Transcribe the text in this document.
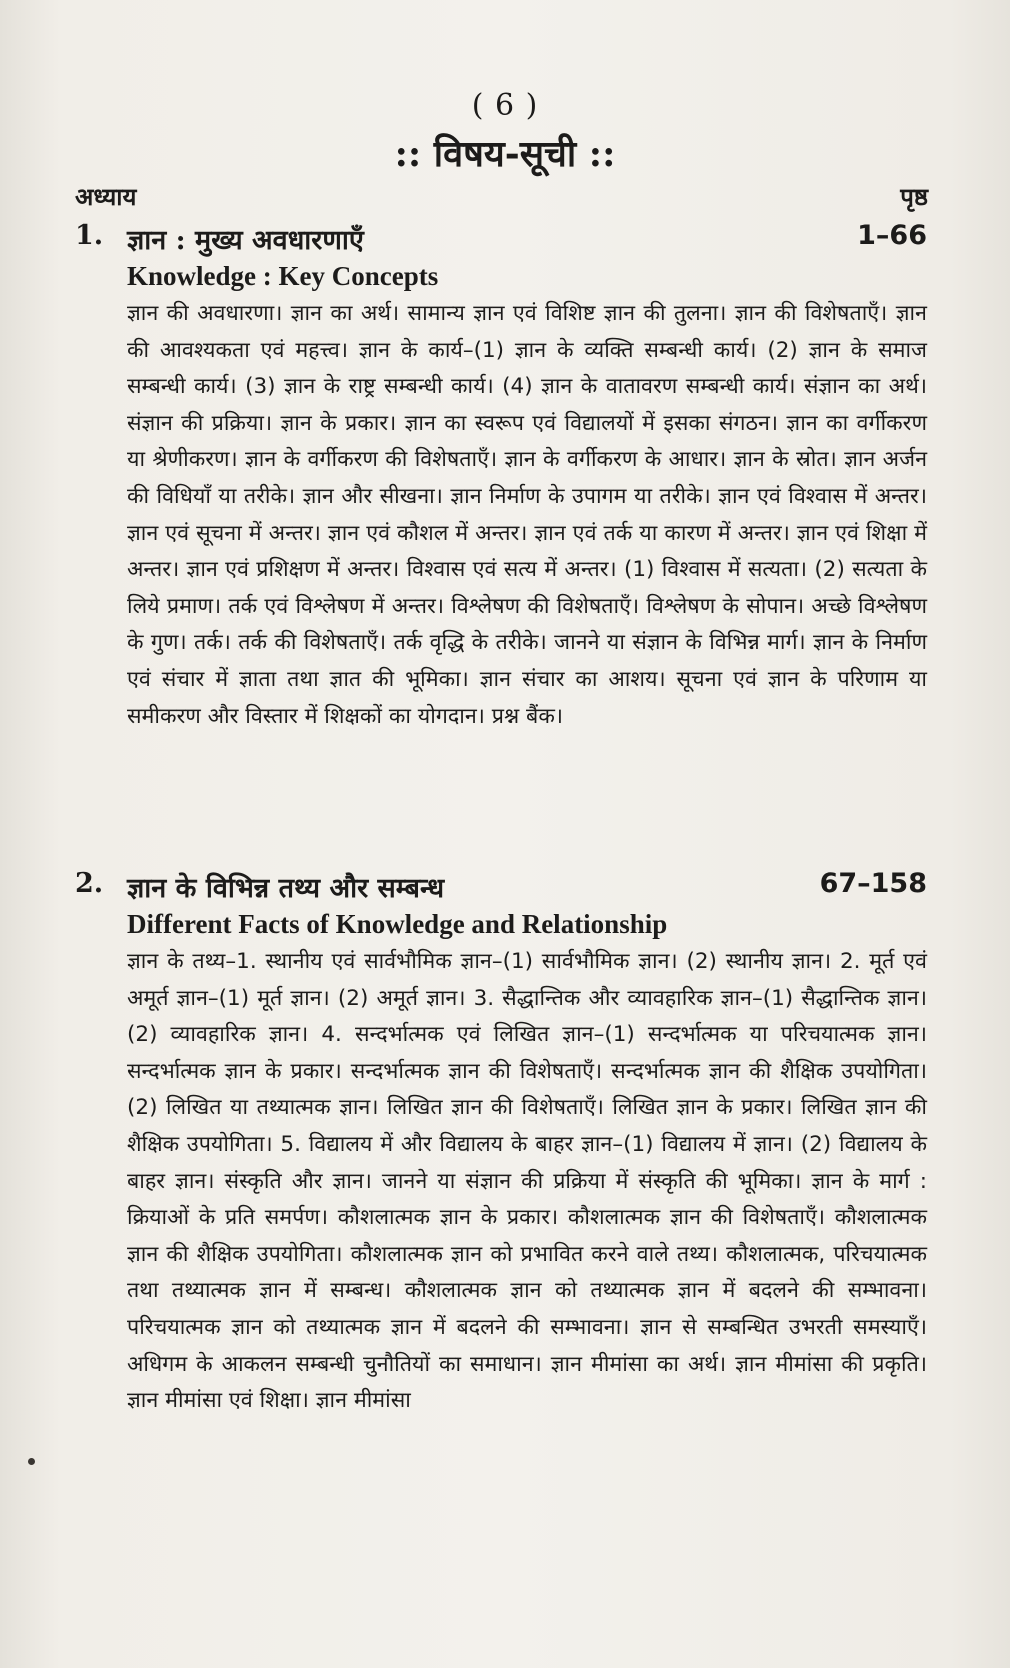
( 6 )
:: विषय-सूची ::
अध्याय	पृष्ठ
1. ज्ञान : मुख्य अवधारणाएँ	1–66
Knowledge : Key Concepts
ज्ञान की अवधारणा। ज्ञान का अर्थ। सामान्य ज्ञान एवं विशिष्ट ज्ञान की तुलना। ज्ञान की विशेषताएँ। ज्ञान की आवश्यकता एवं महत्त्व। ज्ञान के कार्य–(1) ज्ञान के व्यक्ति सम्बन्धी कार्य। (2) ज्ञान के समाज सम्बन्धी कार्य। (3) ज्ञान के राष्ट्र सम्बन्धी कार्य। (4) ज्ञान के वातावरण सम्बन्धी कार्य। संज्ञान का अर्थ। संज्ञान की प्रक्रिया। ज्ञान के प्रकार। ज्ञान का स्वरूप एवं विद्यालयों में इसका संगठन। ज्ञान का वर्गीकरण या श्रेणीकरण। ज्ञान के वर्गीकरण की विशेषताएँ। ज्ञान के वर्गीकरण के आधार। ज्ञान के स्रोत। ज्ञान अर्जन की विधियाँ या तरीके। ज्ञान और सीखना। ज्ञान निर्माण के उपागम या तरीके। ज्ञान एवं विश्वास में अन्तर। ज्ञान एवं सूचना में अन्तर। ज्ञान एवं कौशल में अन्तर। ज्ञान एवं तर्क या कारण में अन्तर। ज्ञान एवं शिक्षा में अन्तर। ज्ञान एवं प्रशिक्षण में अन्तर। विश्वास एवं सत्य में अन्तर। (1) विश्वास में सत्यता। (2) सत्यता के लिये प्रमाण। तर्क एवं विश्लेषण में अन्तर। विश्लेषण की विशेषताएँ। विश्लेषण के सोपान। अच्छे विश्लेषण के गुण। तर्क। तर्क की विशेषताएँ। तर्क वृद्धि के तरीके। जानने या संज्ञान के विभिन्न मार्ग। ज्ञान के निर्माण एवं संचार में ज्ञाता तथा ज्ञात की भूमिका। ज्ञान संचार का आशय। सूचना एवं ज्ञान के परिणाम या समीकरण और विस्तार में शिक्षकों का योगदान। प्रश्न बैंक।
2. ज्ञान के विभिन्न तथ्य और सम्बन्ध	67–158
Different Facts of Knowledge and Relationship
ज्ञान के तथ्य–1. स्थानीय एवं सार्वभौमिक ज्ञान–(1) सार्वभौमिक ज्ञान। (2) स्थानीय ज्ञान। 2. मूर्त एवं अमूर्त ज्ञान–(1) मूर्त ज्ञान। (2) अमूर्त ज्ञान। 3. सैद्धान्तिक और व्यावहारिक ज्ञान–(1) सैद्धान्तिक ज्ञान। (2) व्यावहारिक ज्ञान। 4. सन्दर्भात्मक एवं लिखित ज्ञान–(1) सन्दर्भात्मक या परिचयात्मक ज्ञान। सन्दर्भात्मक ज्ञान के प्रकार। सन्दर्भात्मक ज्ञान की विशेषताएँ। सन्दर्भात्मक ज्ञान की शैक्षिक उपयोगिता। (2) लिखित या तथ्यात्मक ज्ञान। लिखित ज्ञान की विशेषताएँ। लिखित ज्ञान के प्रकार। लिखित ज्ञान की शैक्षिक उपयोगिता। 5. विद्यालय में और विद्यालय के बाहर ज्ञान–(1) विद्यालय में ज्ञान। (2) विद्यालय के बाहर ज्ञान। संस्कृति और ज्ञान। जानने या संज्ञान की प्रक्रिया में संस्कृति की भूमिका। ज्ञान के मार्ग : क्रियाओं के प्रति समर्पण। कौशलात्मक ज्ञान के प्रकार। कौशलात्मक ज्ञान की विशेषताएँ। कौशलात्मक ज्ञान की शैक्षिक उपयोगिता। कौशलात्मक ज्ञान को प्रभावित करने वाले तथ्य। कौशलात्मक, परिचयात्मक तथा तथ्यात्मक ज्ञान में सम्बन्ध। कौशलात्मक ज्ञान को तथ्यात्मक ज्ञान में बदलने की सम्भावना। परिचयात्मक ज्ञान को तथ्यात्मक ज्ञान में बदलने की सम्भावना। ज्ञान से सम्बन्धित उभरती समस्याएँ। अधिगम के आकलन सम्बन्धी चुनौतियों का समाधान। ज्ञान मीमांसा का अर्थ। ज्ञान मीमांसा की प्रकृति। ज्ञान मीमांसा एवं शिक्षा। ज्ञान मीमांसा
